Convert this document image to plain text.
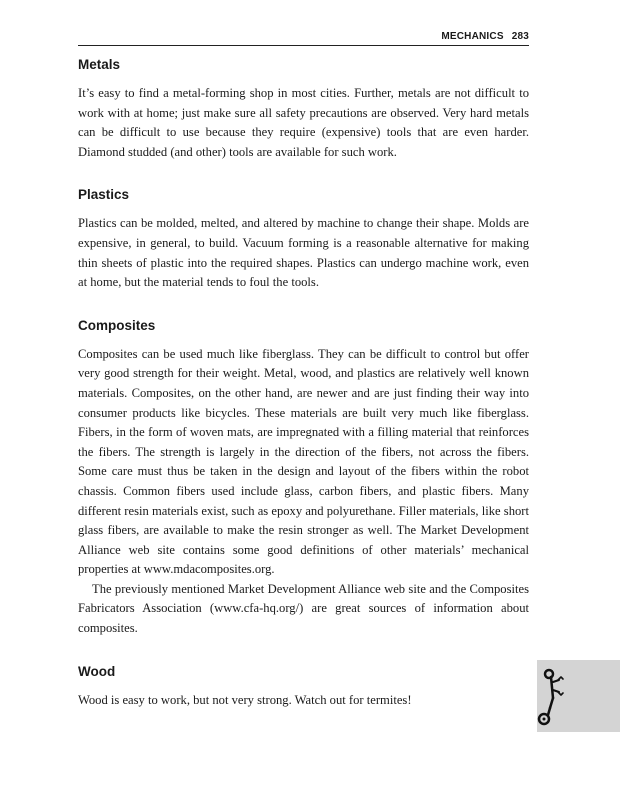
MECHANICS 283
Metals

It’s easy to find a metal-forming shop in most cities. Further, metals are not difficult to work with at home; just make sure all safety precautions are observed. Very hard metals can be difficult to use because they require (expensive) tools that are even harder. Diamond studded (and other) tools are available for such work.

Plastics

Plastics can be molded, melted, and altered by machine to change their shape. Molds are expensive, in general, to build. Vacuum forming is a reasonable alternative for making thin sheets of plastic into the required shapes. Plastics can undergo machine work, even at home, but the material tends to foul the tools.

Composites

Composites can be used much like fiberglass. They can be difficult to control but offer very good strength for their weight. Metal, wood, and plastics are relatively well known materials. Composites, on the other hand, are newer and are just finding their way into consumer products like bicycles. These materials are built very much like fiberglass. Fibers, in the form of woven mats, are impregnated with a filling material that reinforces the fibers. The strength is largely in the direction of the fibers, not across the fibers. Some care must thus be taken in the design and layout of the fibers within the robot chassis. Common fibers used include glass, carbon fibers, and plastic fibers. Many different resin materials exist, such as epoxy and polyurethane. Filler materials, like short glass fibers, are available to make the resin stronger as well. The Market Development Alliance web site contains some good definitions of other materials’ mechanical properties at www.mdacomposites.org.

The previously mentioned Market Development Alliance web site and the Composites Fabricators Association (www.cfa-hq.org/) are great sources of information about composites.

Wood

Wood is easy to work, but not very strong. Watch out for termites!
